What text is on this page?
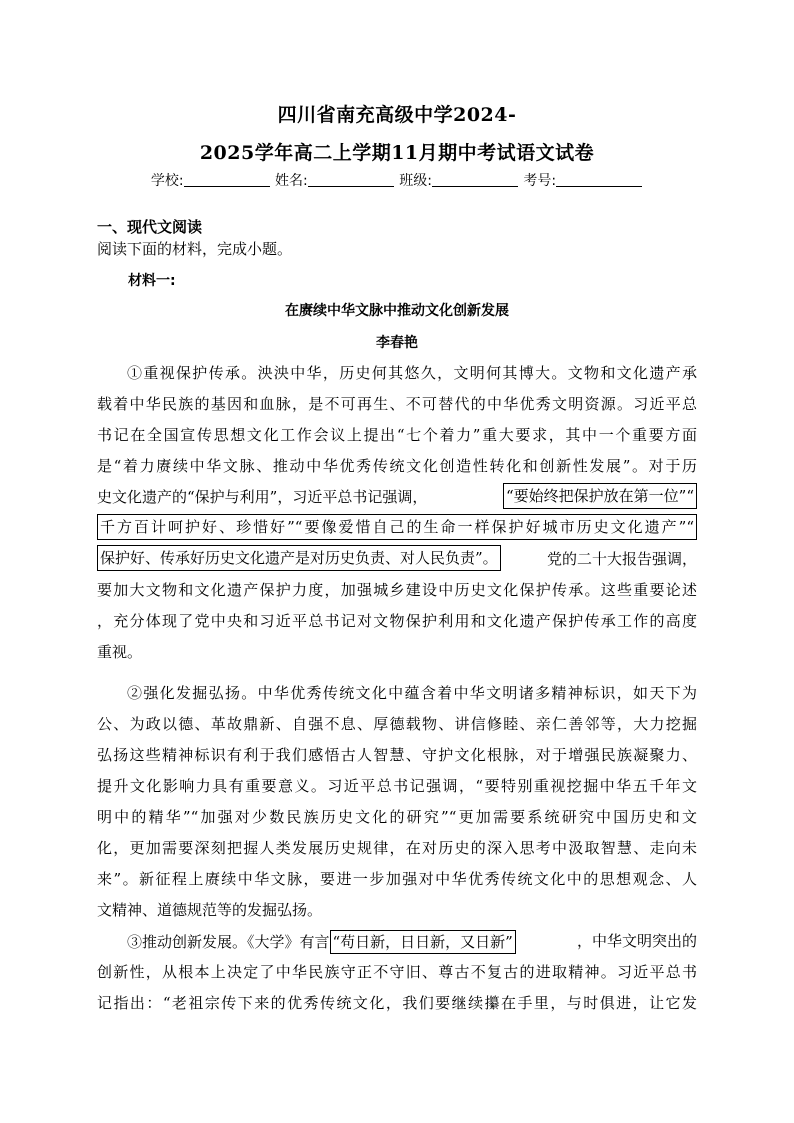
四川省南充高级中学2024-
2025学年高二上学期11月期中考试语文试卷
学校:	姓名:	班级:	考号:
一、现代文阅读
阅读下面的材料，完成小题。
材料一:
在赓续中华文脉中推动文化创新发展
李春艳
①重视保护传承。泱泱中华，历史何其悠久，文明何其博大。文物和文化遗产承
载着中华民族的基因和血脉，是不可再生、不可替代的中华优秀文明资源。习近平总
书记在全国宣传思想文化工作会议上提出“七个着力”重大要求，其中一个重要方面
是“着力赓续中华文脉、推动中华优秀传统文化创造性转化和创新性发展”。对于历
史文化遗产的“保护与利用”，习近平总书记强调，	“要始终把保护放在第一位”“
千方百计呵护好、珍惜好”“要像爱惜自己的生命一样保护好城市历史文化遗产”“
保护好、传承好历史文化遗产是对历史负责、对人民负责”。	党的二十大报告强调，
要加大文物和文化遗产保护力度，加强城乡建设中历史文化保护传承。这些重要论述
，充分体现了党中央和习近平总书记对文物保护利用和文化遗产保护传承工作的高度
重视。
②强化发掘弘扬。中华优秀传统文化中蕴含着中华文明诸多精神标识，如天下为
公、为政以德、革故鼎新、自强不息、厚德载物、讲信修睦、亲仁善邻等，大力挖掘
弘扬这些精神标识有利于我们感悟古人智慧、守护文化根脉，对于增强民族凝聚力、
提升文化影响力具有重要意义。习近平总书记强调，“要特别重视挖掘中华五千年文
明中的精华”“加强对少数民族历史文化的研究”“更加需要系统研究中国历史和文
化，更加需要深刻把握人类发展历史规律，在对历史的深入思考中汲取智慧、走向未
来”。新征程上赓续中华文脉，要进一步加强对中华优秀传统文化中的思想观念、人
文精神、道德规范等的发掘弘扬。
③推动创新发展。《大学》有言 “苟日新，日日新，又日新”	，中华文明突出的
创新性，从根本上决定了中华民族守正不守旧、尊古不复古的进取精神。习近平总书
记指出：“老祖宗传下来的优秀传统文化，我们要继续攥在手里，与时俱进，让它发
